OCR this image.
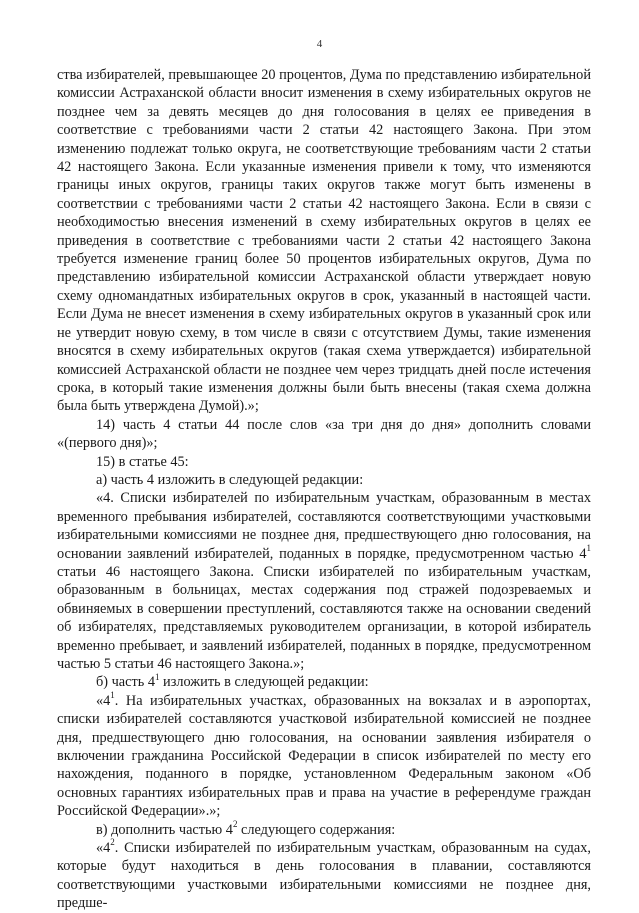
4

ства избирателей, превышающее 20 процентов, Дума по представлению избирательной комиссии Астраханской области вносит изменения в схему избирательных округов не позднее чем за девять месяцев до дня голосования в целях ее приведения в соответствие с требованиями части 2 статьи 42 настоящего Закона. При этом изменению подлежат только округа, не соответствующие требованиям части 2 статьи 42 настоящего Закона. Если указанные изменения привели к тому, что изменяются границы иных округов, границы таких округов также могут быть изменены в соответствии с требованиями части 2 статьи 42 настоящего Закона. Если в связи с необходимостью внесения изменений в схему избирательных округов в целях ее приведения в соответствие с требованиями части 2 статьи 42 настоящего Закона требуется изменение границ более 50 процентов избирательных округов, Дума по представлению избирательной комиссии Астраханской области утверждает новую схему одномандатных избирательных округов в срок, указанный в настоящей части. Если Дума не внесет изменения в схему избирательных округов в указанный срок или не утвердит новую схему, в том числе в связи с отсутствием Думы, такие изменения вносятся в схему избирательных округов (такая схема утверждается) избирательной комиссией Астраханской области не позднее чем через тридцать дней после истечения срока, в который такие изменения должны были быть внесены (такая схема должна была быть утверждена Думой).»;

14) часть 4 статьи 44 после слов «за три дня до дня» дополнить словами «(первого дня)»;

15) в статье 45:

а) часть 4 изложить в следующей редакции:

«4. Списки избирателей по избирательным участкам, образованным в местах временного пребывания избирателей, составляются соответствующими участковыми избирательными комиссиями не позднее дня, предшествующего дню голосования, на основании заявлений избирателей, поданных в порядке, предусмотренном частью $4^1$ статьи 46 настоящего Закона. Списки избирателей по избирательным участкам, образованным в больницах, местах содержания под стражей подозреваемых и обвиняемых в совершении преступлений, составляются также на основании сведений об избирателях, представляемых руководителем организации, в которой избиратель временно пребывает, и заявлений избирателей, поданных в порядке, предусмотренном частью 5 статьи 46 настоящего Закона.»;

б) часть $4^1$ изложить в следующей редакции:

«$4^1$. На избирательных участках, образованных на вокзалах и в аэропортах, списки избирателей составляются участковой избирательной комиссией не позднее дня, предшествующего дню голосования, на основании заявления избирателя о включении гражданина Российской Федерации в список избирателей по месту его нахождения, поданного в порядке, установленном Федеральным законом «Об основных гарантиях избирательных прав и права на участие в референдуме граждан Российской Федерации».»;

в) дополнить частью $4^2$ следующего содержания:

«$4^2$. Списки избирателей по избирательным участкам, образованным на судах, которые будут находиться в день голосования в плавании, составляются соответствующими участковыми избирательными комиссиями не позднее дня, предше-
